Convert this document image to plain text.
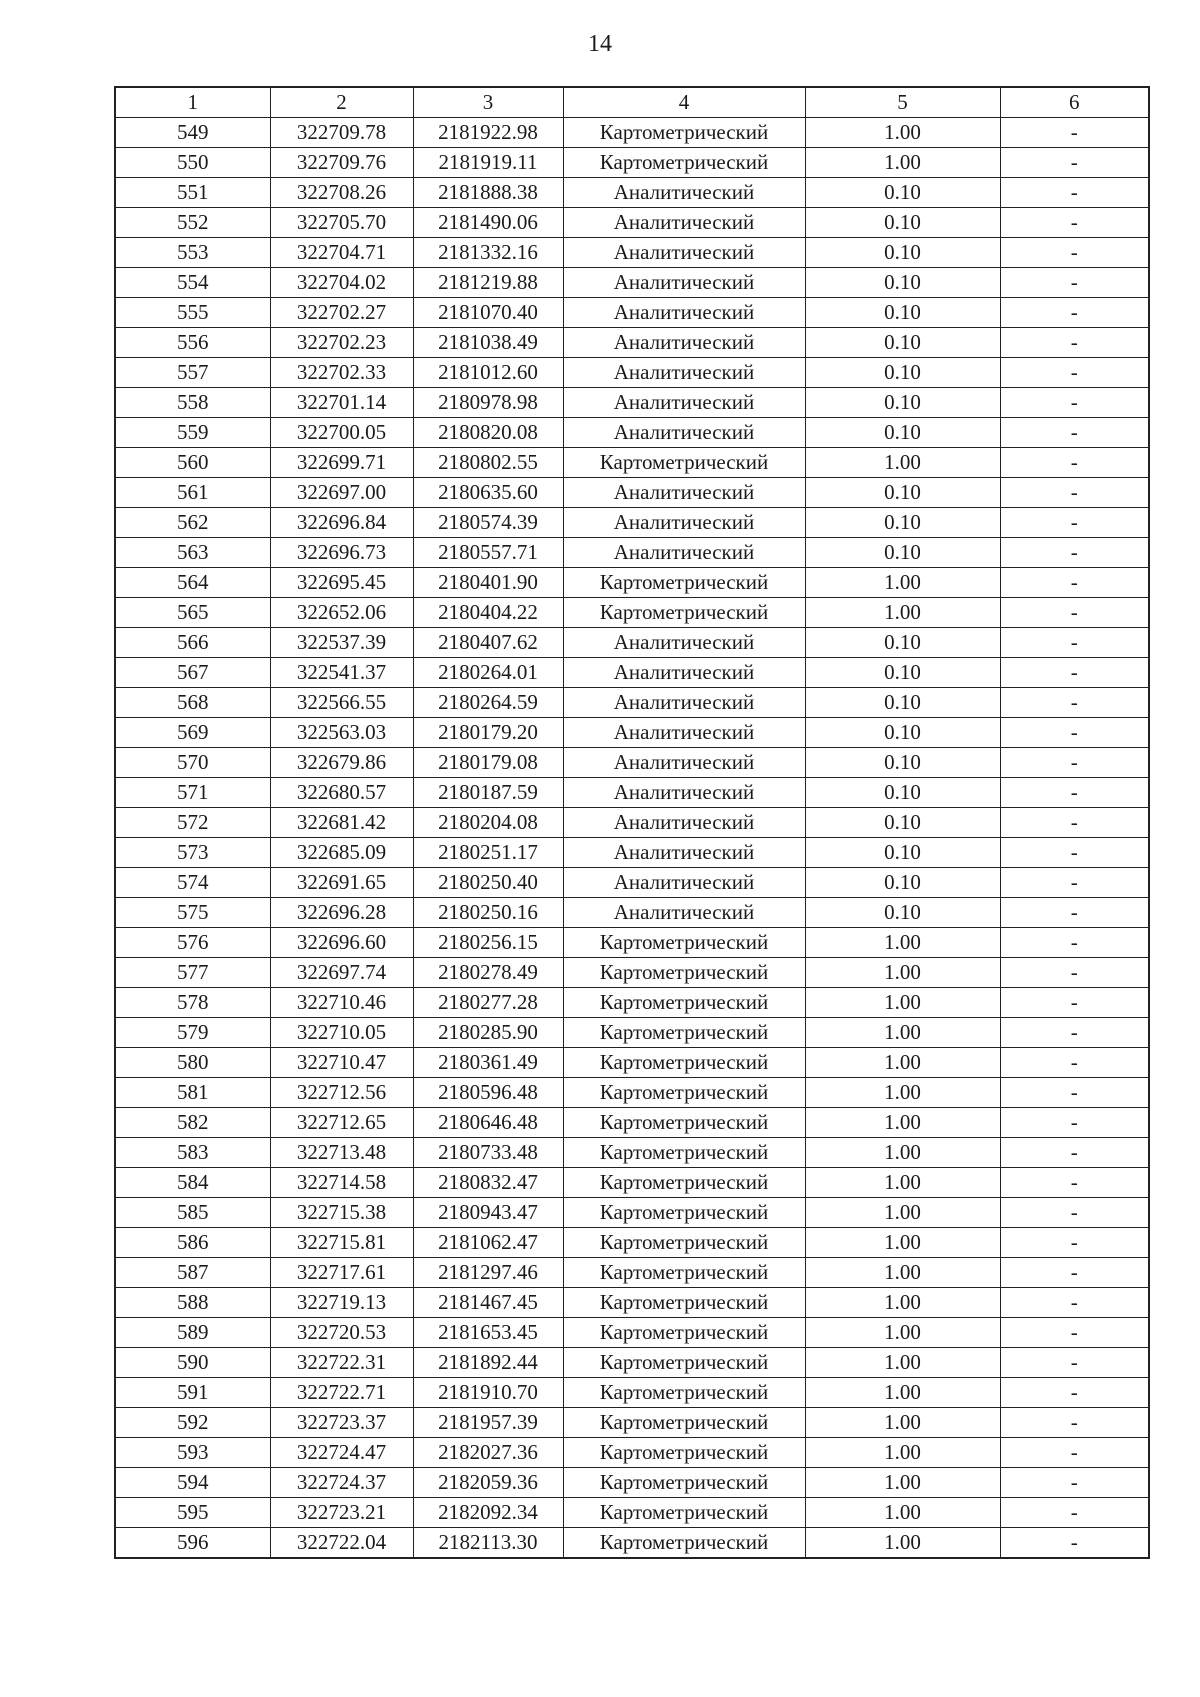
14
1	2	3	4	5	6
549	322709.78	2181922.98	Картометрический	1.00	-
550	322709.76	2181919.11	Картометрический	1.00	-
551	322708.26	2181888.38	Аналитический	0.10	-
552	322705.70	2181490.06	Аналитический	0.10	-
553	322704.71	2181332.16	Аналитический	0.10	-
554	322704.02	2181219.88	Аналитический	0.10	-
555	322702.27	2181070.40	Аналитический	0.10	-
556	322702.23	2181038.49	Аналитический	0.10	-
557	322702.33	2181012.60	Аналитический	0.10	-
558	322701.14	2180978.98	Аналитический	0.10	-
559	322700.05	2180820.08	Аналитический	0.10	-
560	322699.71	2180802.55	Картометрический	1.00	-
561	322697.00	2180635.60	Аналитический	0.10	-
562	322696.84	2180574.39	Аналитический	0.10	-
563	322696.73	2180557.71	Аналитический	0.10	-
564	322695.45	2180401.90	Картометрический	1.00	-
565	322652.06	2180404.22	Картометрический	1.00	-
566	322537.39	2180407.62	Аналитический	0.10	-
567	322541.37	2180264.01	Аналитический	0.10	-
568	322566.55	2180264.59	Аналитический	0.10	-
569	322563.03	2180179.20	Аналитический	0.10	-
570	322679.86	2180179.08	Аналитический	0.10	-
571	322680.57	2180187.59	Аналитический	0.10	-
572	322681.42	2180204.08	Аналитический	0.10	-
573	322685.09	2180251.17	Аналитический	0.10	-
574	322691.65	2180250.40	Аналитический	0.10	-
575	322696.28	2180250.16	Аналитический	0.10	-
576	322696.60	2180256.15	Картометрический	1.00	-
577	322697.74	2180278.49	Картометрический	1.00	-
578	322710.46	2180277.28	Картометрический	1.00	-
579	322710.05	2180285.90	Картометрический	1.00	-
580	322710.47	2180361.49	Картометрический	1.00	-
581	322712.56	2180596.48	Картометрический	1.00	-
582	322712.65	2180646.48	Картометрический	1.00	-
583	322713.48	2180733.48	Картометрический	1.00	-
584	322714.58	2180832.47	Картометрический	1.00	-
585	322715.38	2180943.47	Картометрический	1.00	-
586	322715.81	2181062.47	Картометрический	1.00	-
587	322717.61	2181297.46	Картометрический	1.00	-
588	322719.13	2181467.45	Картометрический	1.00	-
589	322720.53	2181653.45	Картометрический	1.00	-
590	322722.31	2181892.44	Картометрический	1.00	-
591	322722.71	2181910.70	Картометрический	1.00	-
592	322723.37	2181957.39	Картометрический	1.00	-
593	322724.47	2182027.36	Картометрический	1.00	-
594	322724.37	2182059.36	Картометрический	1.00	-
595	322723.21	2182092.34	Картометрический	1.00	-
596	322722.04	2182113.30	Картометрический	1.00	-
